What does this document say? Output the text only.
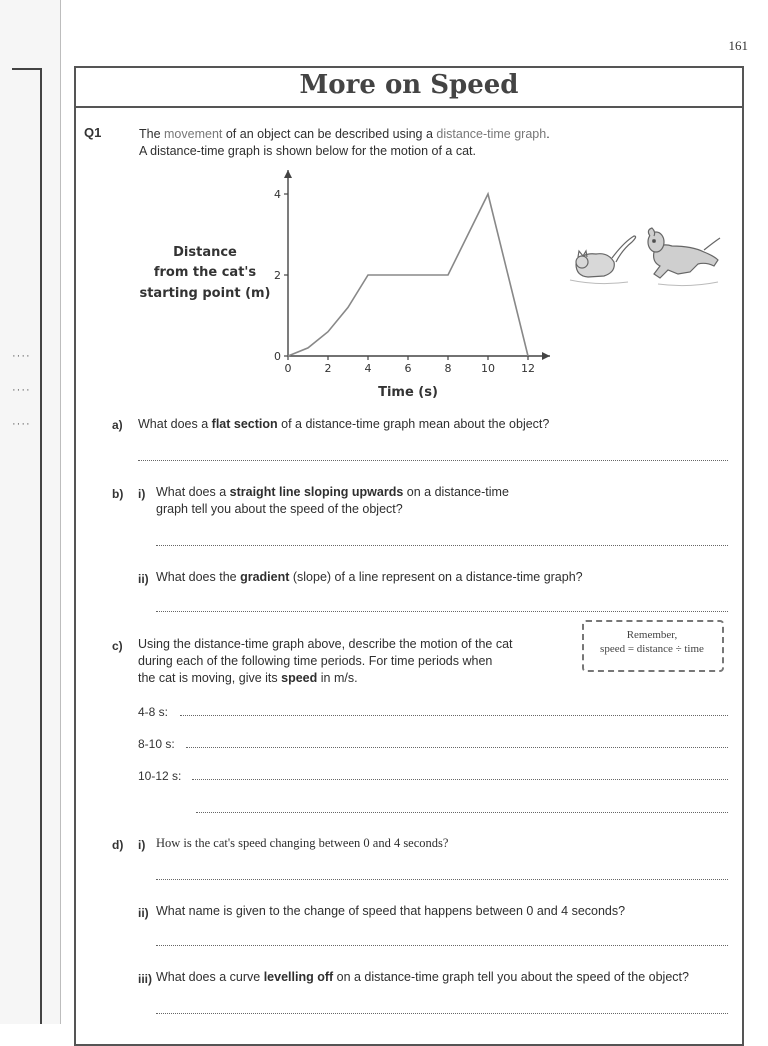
····
····
····
161
More on Speed
Q1	The movement of an object can be described using a distance-time graph.
A distance-time graph is shown below for the motion of a cat.
Distance
from the cat's
starting point (m)
0	2	4	6	8	10 12
0
2
4
Time (s)
a) What does a flat section of a distance-time graph mean about the object?
b) i) What does a straight line sloping upwards on a distance-time
graph tell you about the speed of the object?
ii) What does the gradient (slope) of a line represent on a distance-time graph?
c) Using the distance-time graph above, describe the motion of the cat
during each of the following time periods. For time periods when
the cat is moving, give its speed in m/s.

Remember,

speed = distance ÷ time

4-8 s:
8-10 s:
10-12 s:
d) i) How is the cat's speed changing between 0 and 4 seconds?
ii) What name is given to the change of speed that happens between 0 and 4 seconds?
iii) What does a curve levelling off on a distance-time graph tell you about the speed of the object?
